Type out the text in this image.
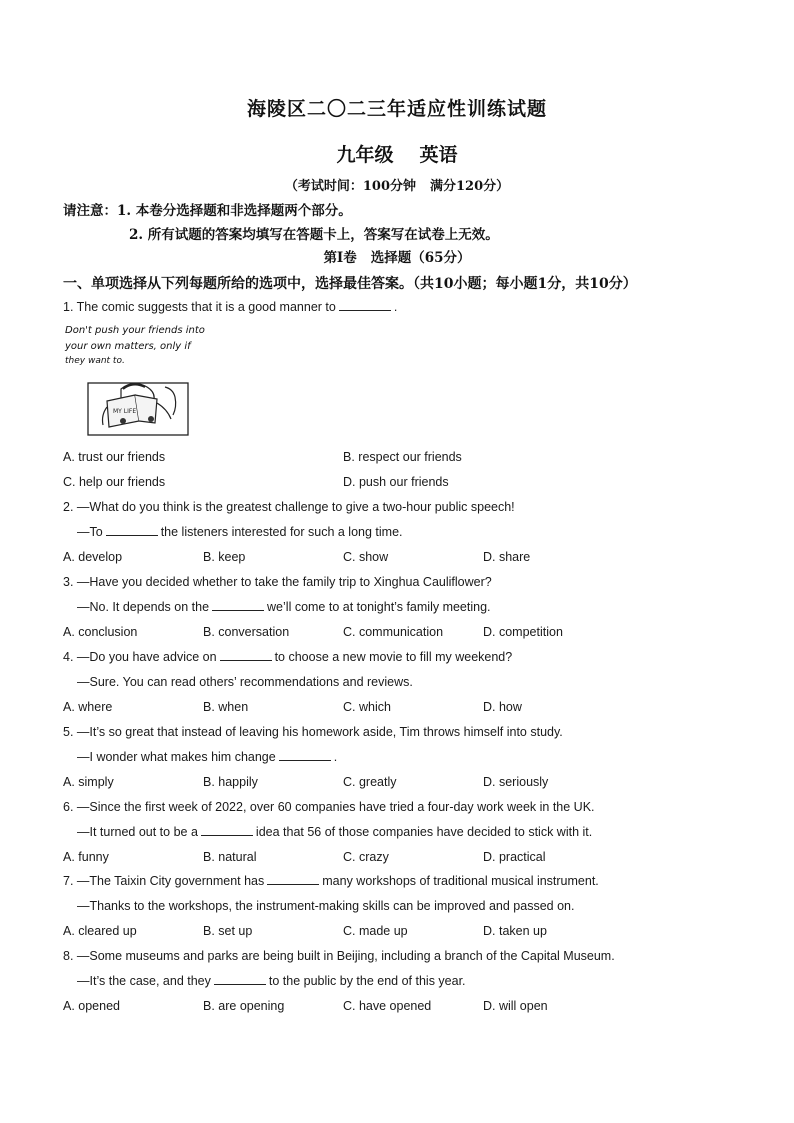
海陵区二〇二三年适应性训练试题
九年级 英语
（考试时间：100分钟 满分120分）
请注意：1. 本卷分选择题和非选择题两个部分。
2. 所有试题的答案均填写在答题卡上，答案写在试卷上无效。
第Ⅰ卷 选择题（65分）
一、单项选择从下列每题所给的选项中，选择最佳答案。（共10小题；每小题1分，共10分）
Don't push your friends into
your own matters, only if
they want to.
MY LIFE
1. The comic suggests that it is a good manner to	.
A. trust our friends	B. respect our friends
C. help our friends	D. push our friends
2. —What do you think is the greatest challenge to give a two-hour public speech!
—To	the listeners interested for such a long time.
A. develop	B. keep	C. show	D. share
3. —Have you decided whether to take the family trip to Xinghua Cauliflower?
—No. It depends on the	we’ll come to at tonight’s family meeting.
A. conclusion	B. conversation	C. communication	D. competition
4. —Do you have advice on	to choose a new movie to fill my weekend?
—Sure. You can read others’ recommendations and reviews.
A. where	B. when	C. which	D. how
5. —It’s so great that instead of leaving his homework aside, Tim throws himself into study.
—I wonder what makes him change	.
A. simply	B. happily	C. greatly	D. seriously
6. —Since the first week of 2022, over 60 companies have tried a four-day work week in the UK.
—It turned out to be a	idea that 56 of those companies have decided to stick with it.
A. funny	B. natural	C. crazy	D. practical
7. —The Taixin City government has	many workshops of traditional musical instrument.
—Thanks to the workshops, the instrument-making skills can be improved and passed on.
A. cleared up	B. set up	C. made up	D. taken up
8. —Some museums and parks are being built in Beijing, including a branch of the Capital Museum.
—It’s the case, and they	to the public by the end of this year.
A. opened	B. are opening	C. have opened	D. will open
